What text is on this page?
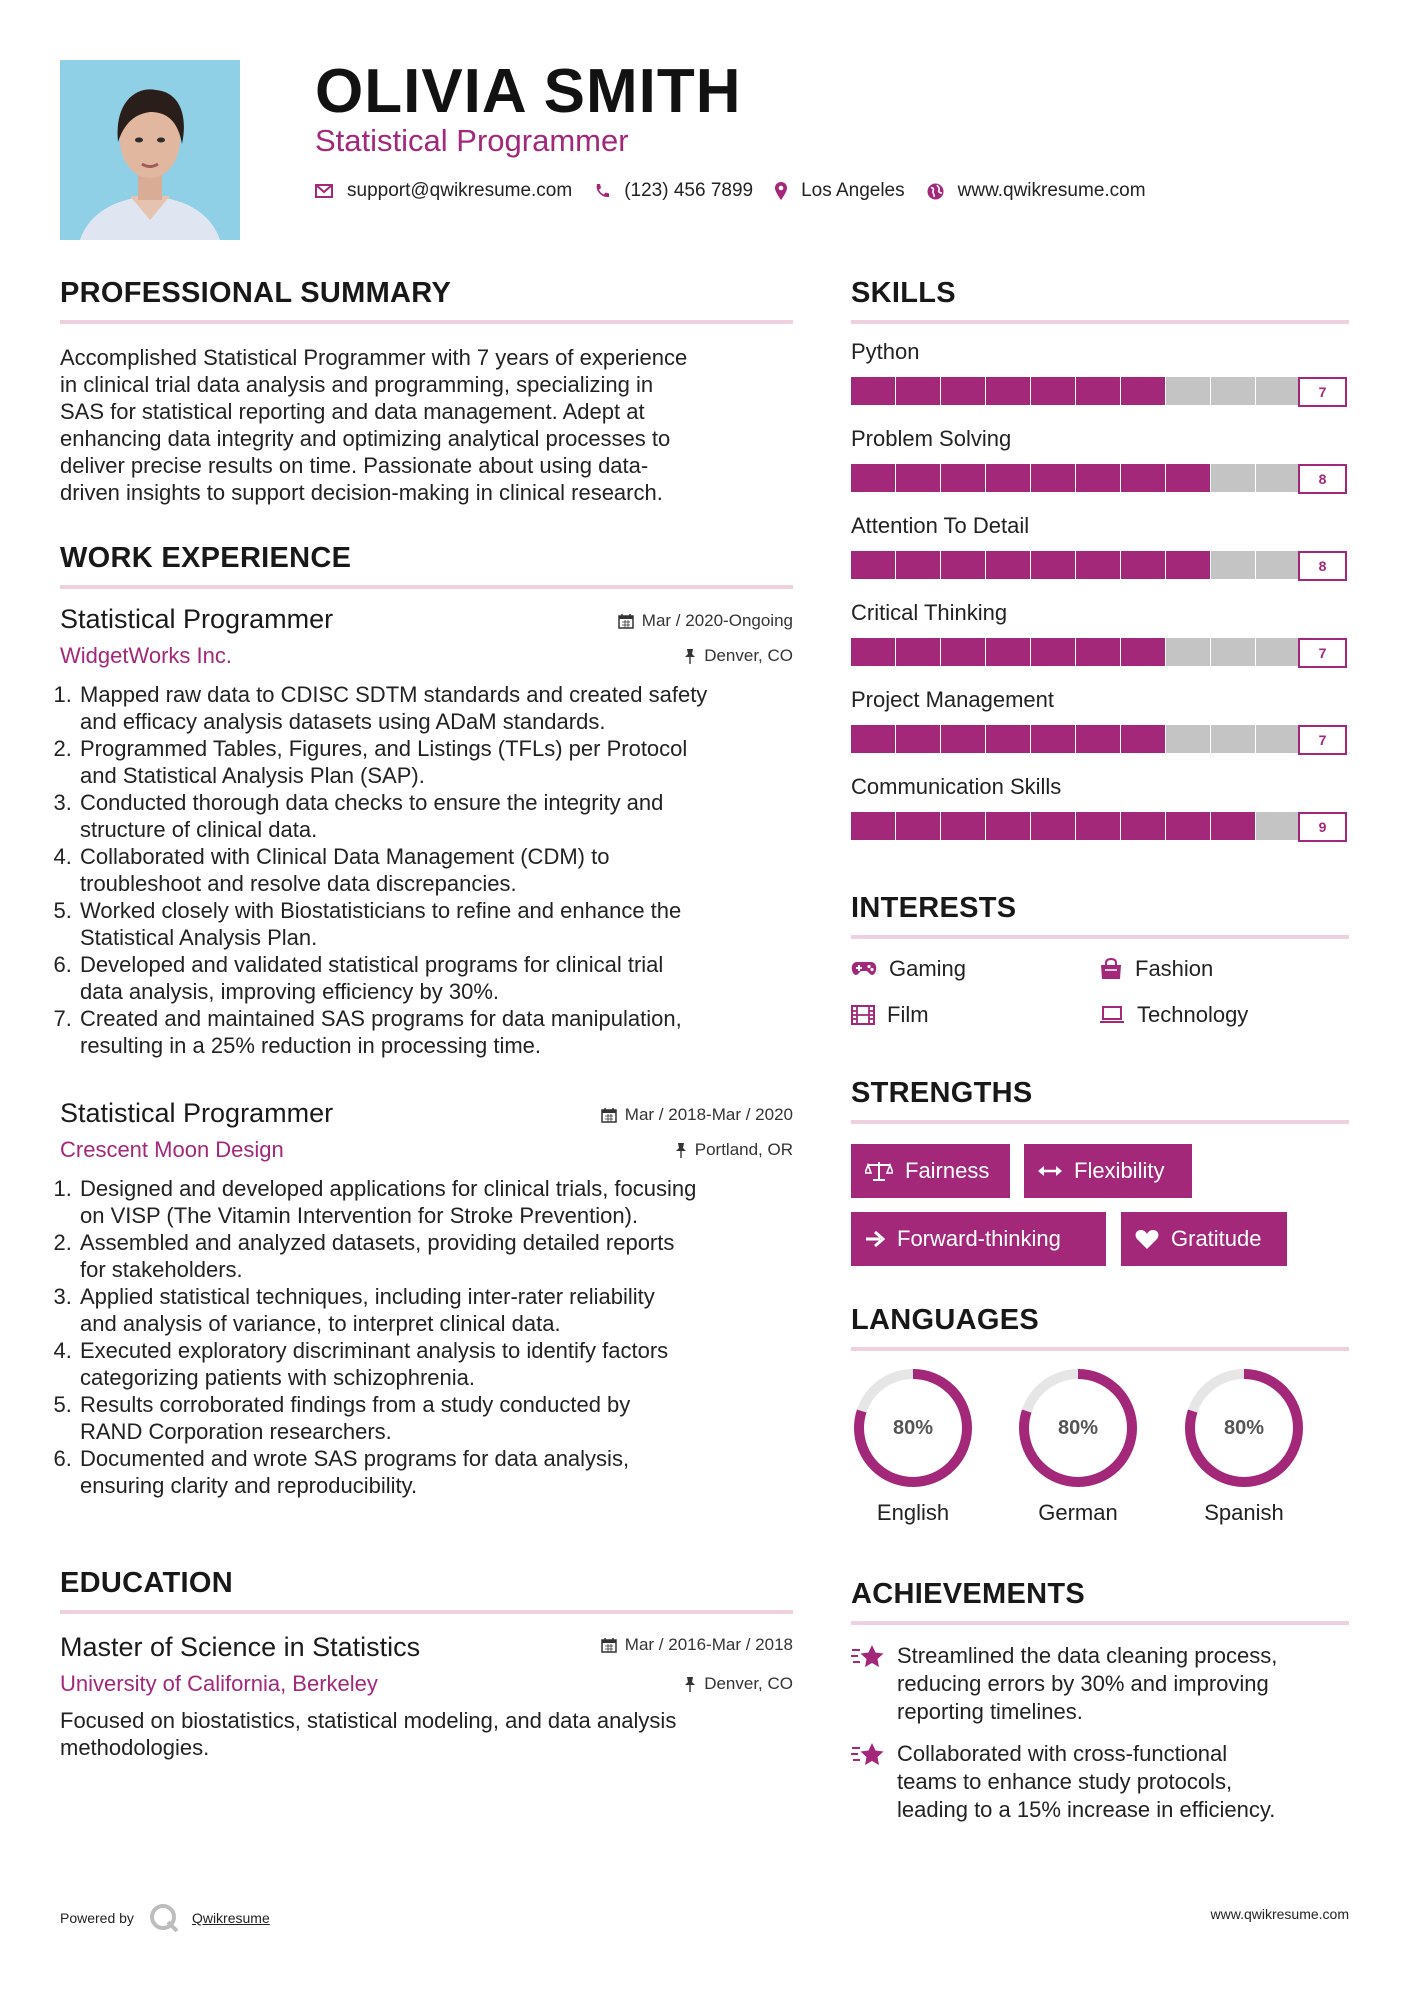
OLIVIA SMITH
Statistical Programmer
support@qwikresume.com	(123) 456 7899	Los Angeles	www.qwikresume.com
PROFESSIONAL SUMMARY
Accomplished Statistical Programmer with 7 years of experience
in clinical trial data analysis and programming, specializing in
SAS for statistical reporting and data management. Adept at
enhancing data integrity and optimizing analytical processes to
deliver precise results on time. Passionate about using data-
driven insights to support decision-making in clinical research.
WORK EXPERIENCE
Statistical Programmer	Mar / 2020-Ongoing
WidgetWorks Inc.	Denver, CO
1. Mapped raw data to CDISC SDTM standards and created safety
and efficacy analysis datasets using ADaM standards.
2. Programmed Tables, Figures, and Listings (TFLs) per Protocol
and Statistical Analysis Plan (SAP).
3. Conducted thorough data checks to ensure the integrity and
structure of clinical data.
4. Collaborated with Clinical Data Management (CDM) to
troubleshoot and resolve data discrepancies.
5. Worked closely with Biostatisticians to refine and enhance the
Statistical Analysis Plan.
6. Developed and validated statistical programs for clinical trial
data analysis, improving efficiency by 30%.
7. Created and maintained SAS programs for data manipulation,
resulting in a 25% reduction in processing time.
Statistical Programmer	Mar / 2018-Mar / 2020
Crescent Moon Design	Portland, OR
1. Designed and developed applications for clinical trials, focusing
on VISP (The Vitamin Intervention for Stroke Prevention).
2. Assembled and analyzed datasets, providing detailed reports
for stakeholders.
3. Applied statistical techniques, including inter-rater reliability
and analysis of variance, to interpret clinical data.
4. Executed exploratory discriminant analysis to identify factors
categorizing patients with schizophrenia.
5. Results corroborated findings from a study conducted by
RAND Corporation researchers.
6. Documented and wrote SAS programs for data analysis,
ensuring clarity and reproducibility.
EDUCATION
Master of Science in Statistics	Mar / 2016-Mar / 2018
University of California, Berkeley	Denver, CO
Focused on biostatistics, statistical modeling, and data analysis
methodologies.
SKILLS
Python
7
Problem Solving
8
Attention To Detail
8
Critical Thinking
7
Project Management
7
Communication Skills
9
INTERESTS
Gaming	Fashion
Film	Technology
STRENGTHS
Fairness	Flexibility
Forward-thinking	Gratitude
LANGUAGES
80%
English
80%
German
80%
Spanish
ACHIEVEMENTS
Streamlined the data cleaning process,
reducing errors by 30% and improving
reporting timelines.
Collaborated with cross-functional
teams to enhance study protocols,
leading to a 15% increase in efficiency.
Powered by	Qwikresume	www.qwikresume.com
